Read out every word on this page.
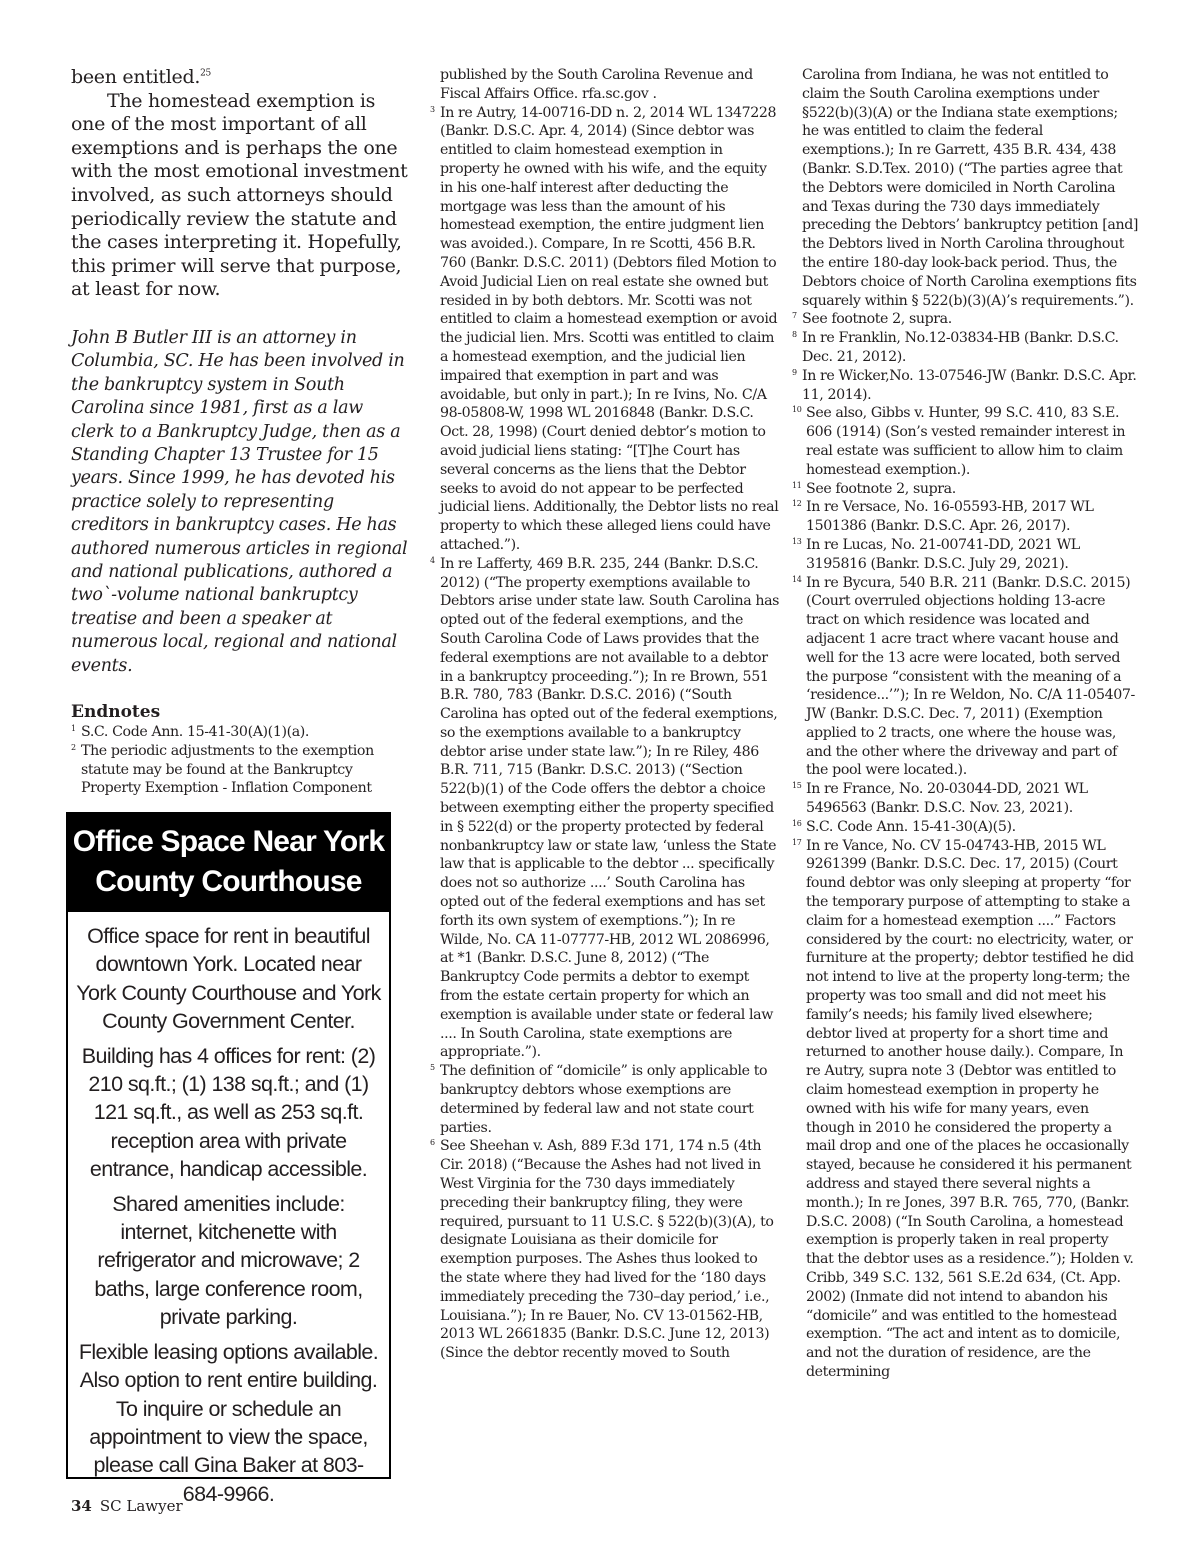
been entitled.$^{25}$

The homestead exemption is one of the most important of all exemptions and is perhaps the one with the most emotional investment involved, as such attorneys should periodically review the statute and the cases interpreting it. Hopefully, this primer will serve that purpose, at least for now.

John B Butler III is an attorney in Columbia, SC. He has been involved in the bankruptcy system in South Carolina since 1981, first as a law clerk to a Bankruptcy Judge, then as a Standing Chapter 13 Trustee for 15 years. Since 1999, he has devoted his practice solely to representing creditors in bankruptcy cases. He has authored numerous articles in regional and national publications, authored a two`-volume national bankruptcy treatise and been a speaker at numerous local, regional and national events.

Endnotes

1 S.C. Code Ann. 15-41-30(A)(1)(a).

2 The periodic adjustments to the exemption statute may be found at the Bankruptcy Property Exemption - Inflation Component

Office Space Near York County Courthouse

Office space for rent in beautiful downtown York. Located near York County Courthouse and York County Government Center.

Building has 4 offices for rent: (2) 210 sq.ft.; (1) 138 sq.ft.; and (1) 121 sq.ft., as well as 253 sq.ft. reception area with private entrance, handicap accessible.

Shared amenities include: internet, kitchenette with refrigerator and microwave; 2 baths, large conference room, private parking.

Flexible leasing options available. Also option to rent entire building. To inquire or schedule an appointment to view the space, please call Gina Baker at 803-684-9966.

published by the South Carolina Revenue and Fiscal Affairs Office. rfa.sc.gov .

3 In re Autry, 14-00716-DD n. 2, 2014 WL 1347228 (Bankr. D.S.C. Apr. 4, 2014) (Since debtor was entitled to claim homestead exemption in property he owned with his wife, and the equity in his one-half interest after deducting the mortgage was less than the amount of his homestead exemption, the entire judgment lien was avoided.). Compare, In re Scotti, 456 B.R. 760 (Bankr. D.S.C. 2011) (Debtors filed Motion to Avoid Judicial Lien on real estate she owned but resided in by both debtors. Mr. Scotti was not entitled to claim a homestead exemption or avoid the judicial lien. Mrs. Scotti was entitled to claim a homestead exemption, and the judicial lien impaired that exemption in part and was avoidable, but only in part.); In re Ivins, No. C/A 98-05808-W, 1998 WL 2016848 (Bankr. D.S.C. Oct. 28, 1998) (Court denied debtor’s motion to avoid judicial liens stating: “[T]he Court has several concerns as the liens that the Debtor seeks to avoid do not appear to be perfected judicial liens. Additionally, the Debtor lists no real property to which these alleged liens could have attached.”).

4 In re Lafferty, 469 B.R. 235, 244 (Bankr. D.S.C. 2012) (“The property exemptions available to Debtors arise under state law. South Carolina has opted out of the federal exemptions, and the South Carolina Code of Laws provides that the federal exemptions are not available to a debtor in a bankruptcy proceeding.”); In re Brown, 551 B.R. 780, 783 (Bankr. D.S.C. 2016) (“South Carolina has opted out of the federal exemptions, so the exemptions available to a bankruptcy debtor arise under state law.”); In re Riley, 486 B.R. 711, 715 (Bankr. D.S.C. 2013) (“Section 522(b)(1) of the Code offers the debtor a choice between exempting either the property specified in § 522(d) or the property protected by federal nonbankruptcy law or state law, ‘unless the State law that is applicable to the debtor ... specifically does not so authorize ....’ South Carolina has opted out of the federal exemptions and has set forth its own system of exemptions.”); In re Wilde, No. CA 11-07777-HB, 2012 WL 2086996, at *1 (Bankr. D.S.C. June 8, 2012) (“The Bankruptcy Code permits a debtor to exempt from the estate certain property for which an exemption is available under state or federal law .... In South Carolina, state exemptions are appropriate.”).

5 The definition of “domicile” is only applicable to bankruptcy debtors whose exemptions are determined by federal law and not state court parties.

6 See Sheehan v. Ash, 889 F.3d 171, 174 n.5 (4th Cir. 2018) (“Because the Ashes had not lived in West Virginia for the 730 days immediately preceding their bankruptcy filing, they were required, pursuant to 11 U.S.C. § 522(b)(3)(A), to designate Louisiana as their domicile for exemption purposes. The Ashes thus looked to the state where they had lived for the ‘180 days immediately preceding the 730–day period,’ i.e., Louisiana.”); In re Bauer, No. CV 13-01562-HB, 2013 WL 2661835 (Bankr. D.S.C. June 12, 2013) (Since the debtor recently moved to South

Carolina from Indiana, he was not entitled to claim the South Carolina exemptions under §522(b)(3)(A) or the Indiana state exemptions; he was entitled to claim the federal exemptions.); In re Garrett, 435 B.R. 434, 438 (Bankr. S.D.Tex. 2010) (“The parties agree that the Debtors were domiciled in North Carolina and Texas during the 730 days immediately preceding the Debtors’ bankruptcy petition [and] the Debtors lived in North Carolina throughout the entire 180-day look-back period. Thus, the Debtors choice of North Carolina exemptions fits squarely within § 522(b)(3)(A)’s requirements.”).

7 See footnote 2, supra.

8 In re Franklin, No.12-03834-HB (Bankr. D.S.C. Dec. 21, 2012).

9 In re Wicker,No. 13-07546-JW (Bankr. D.S.C. Apr. 11, 2014).

10 See also, Gibbs v. Hunter, 99 S.C. 410, 83 S.E. 606 (1914) (Son’s vested remainder interest in real estate was sufficient to allow him to claim homestead exemption.).

11 See footnote 2, supra.

12 In re Versace, No. 16-05593-HB, 2017 WL 1501386 (Bankr. D.S.C. Apr. 26, 2017).

13 In re Lucas, No. 21-00741-DD, 2021 WL 3195816 (Bankr. D.S.C. July 29, 2021).

14 In re Bycura, 540 B.R. 211 (Bankr. D.S.C. 2015) (Court overruled objections holding 13-acre tract on which residence was located and adjacent 1 acre tract where vacant house and well for the 13 acre were located, both served the purpose “consistent with the meaning of a ‘residence...’”); In re Weldon, No. C/A 11-05407-JW (Bankr. D.S.C. Dec. 7, 2011) (Exemption applied to 2 tracts, one where the house was, and the other where the driveway and part of the pool were located.).

15 In re France, No. 20-03044-DD, 2021 WL 5496563 (Bankr. D.S.C. Nov. 23, 2021).

16 S.C. Code Ann. 15-41-30(A)(5).

17 In re Vance, No. CV 15-04743-HB, 2015 WL 9261399 (Bankr. D.S.C. Dec. 17, 2015) (Court found debtor was only sleeping at property “for the temporary purpose of attempting to stake a claim for a homestead exemption ....” Factors considered by the court: no electricity, water, or furniture at the property; debtor testified he did not intend to live at the property long-term; the property was too small and did not meet his family’s needs; his family lived elsewhere; debtor lived at property for a short time and returned to another house daily.). Compare, In re Autry, supra note 3 (Debtor was entitled to claim homestead exemption in property he owned with his wife for many years, even though in 2010 he considered the property a mail drop and one of the places he occasionally stayed, because he considered it his permanent address and stayed there several nights a month.); In re Jones, 397 B.R. 765, 770, (Bankr. D.S.C. 2008) (“In South Carolina, a homestead exemption is properly taken in real property that the debtor uses as a residence.”); Holden v. Cribb, 349 S.C. 132, 561 S.E.2d 634, (Ct. App. 2002) (Inmate did not intend to abandon his “domicile” and was entitled to the homestead exemption. “The act and intent as to domicile, and not the duration of residence, are the determining

34 SC Lawyer
